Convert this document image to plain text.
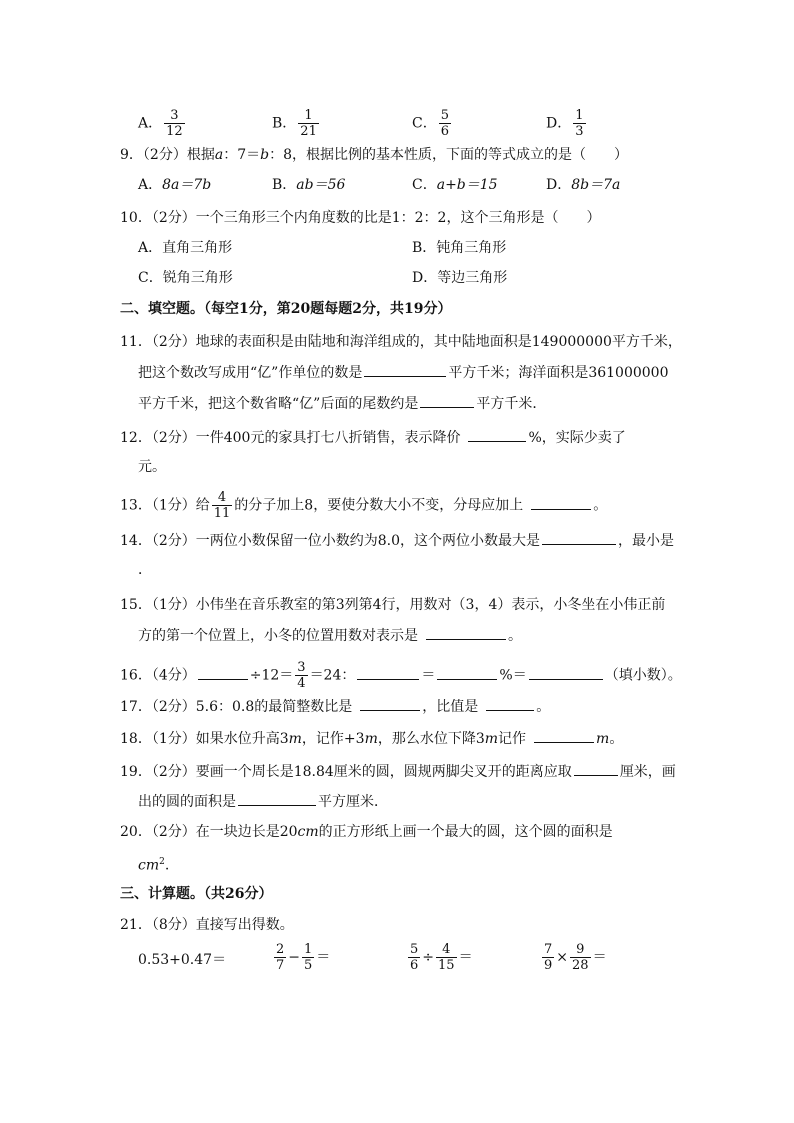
A． $\frac{3}{12}$	B． $\frac{1}{21}$	C． $\frac{5}{6}$	D． $\frac{1}{3}$
9．（2分）根据a：7＝b：8，根据比例的基本性质，下面的等式成立的是（　　）
A．8a＝7b	B．ab＝56	C．a+b＝15	D．8b＝7a
10．（2分）一个三角形三个内角度数的比是1：2：2，这个三角形是（　　）
A．直角三角形	B．钝角三角形
C．锐角三角形	D．等边三角形
二、填空题。（每空1分，第20题每题2分，共19分）
11．（2分）地球的表面积是由陆地和海洋组成的，其中陆地面积是149000000平方千米，
把这个数改写成用“亿”作单位的数是	平方千米；海洋面积是361000000
平方千米，把这个数省略“亿”后面的尾数约是	平方千米．
12．（2分）一件400元的家具打七八折销售，表示降价	%，实际少卖了
元。
13．（1分）给 $\frac{4}{11}$ 的分子加上8，要使分数大小不变，分母应加上	。
14．（2分）一两位小数保留一位小数约为8.0，这个两位小数最大是	，最小是
．
15．（1分）小伟坐在音乐教室的第3列第4行，用数对（3，4）表示，小冬坐在小伟正前
方的第一个位置上，小冬的位置用数对表示是	。
16．（4分）	$\div 12= \frac{3}{4} =24$：	＝	%＝	（填小数）。
17．（2分）5.6：0.8的最简整数比是	，比值是	。
18．（1分）如果水位升高3m，记作+3m，那么水位下降3m记作	m。
19．（2分）要画一个周长是18.84厘米的圆，圆规两脚尖叉开的距离应取	厘米，画
出的圆的面积是	平方厘米．
20．（2分）在一块边长是20cm的正方形纸上画一个最大的圆，这个圆的面积是
$cm^2$.
三、计算题。（共26分）
21．（8分）直接写出得数。
0.53+0.47＝	$\frac{2}{7} - \frac{1}{5}$ ＝	$\frac{5}{6} \div \frac{4}{15}$ ＝	$\frac{7}{9} \times \frac{9}{28}$ ＝
